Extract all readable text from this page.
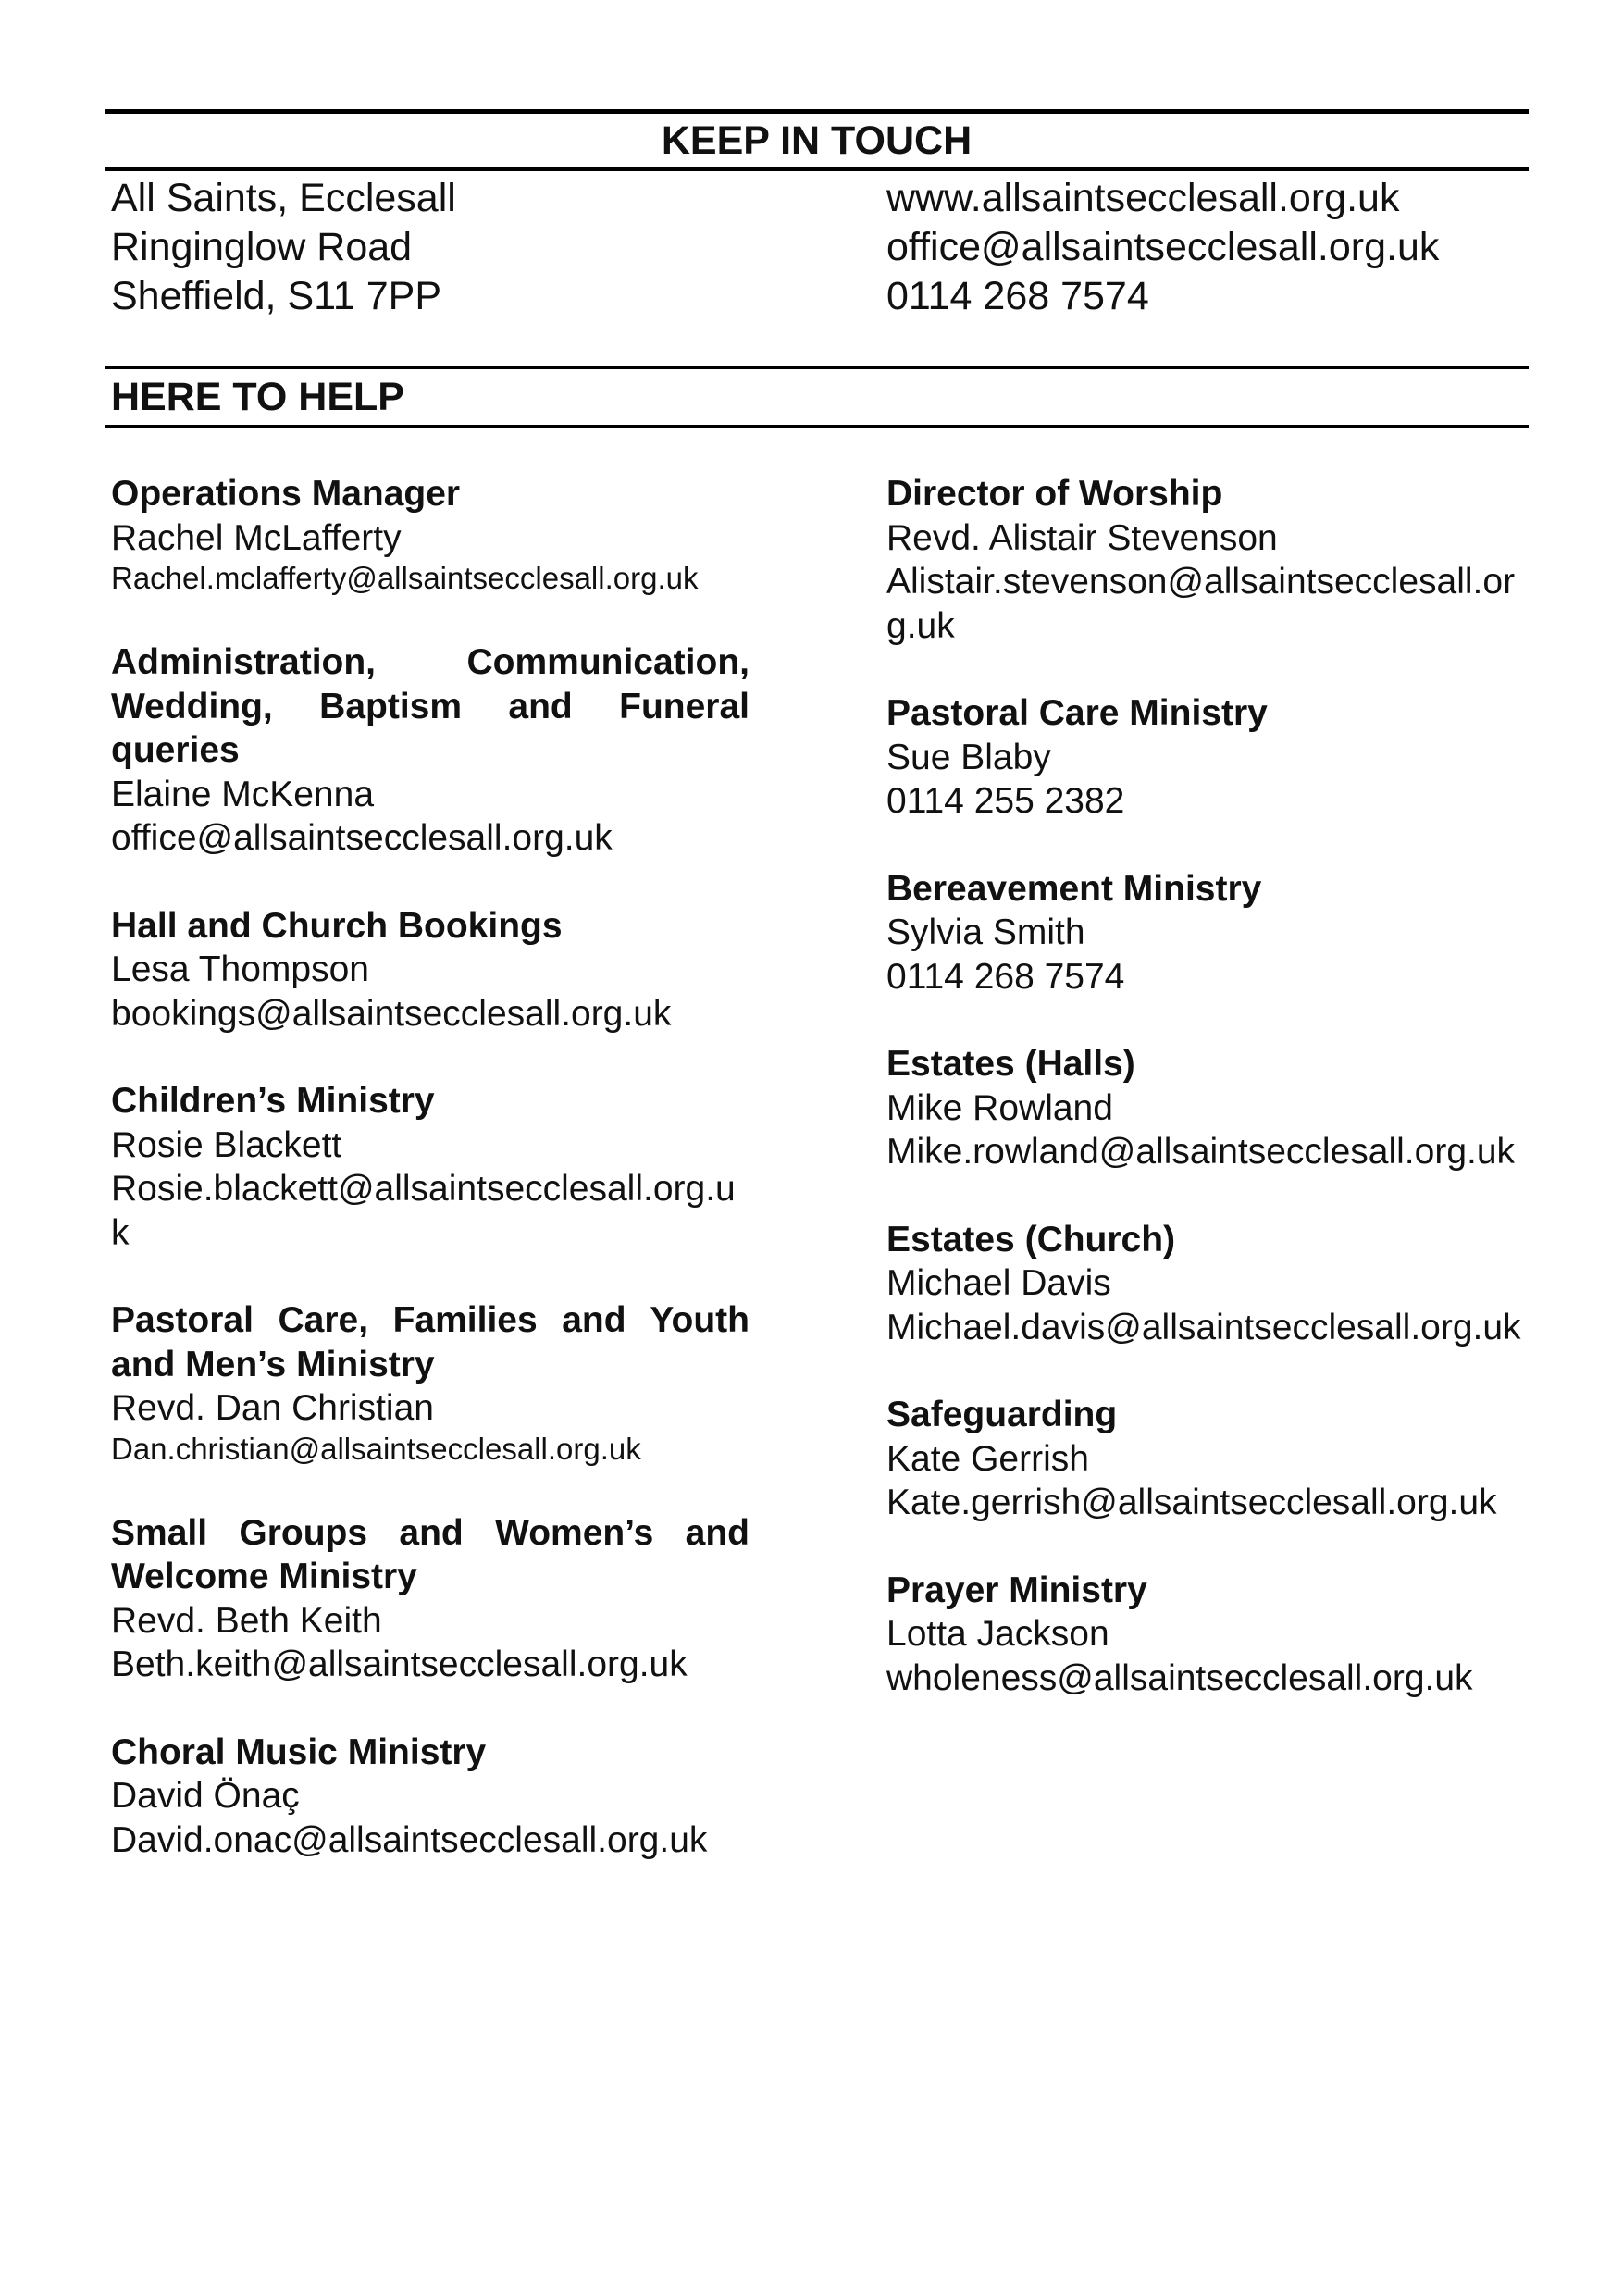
KEEP IN TOUCH
All Saints, Ecclesall
Ringinglow Road
Sheffield, S11 7PP
www.allsaintsecclesall.org.uk
office@allsaintsecclesall.org.uk
0114 268 7574
HERE TO HELP
Operations Manager
Rachel McLafferty
Rachel.mclafferty@allsaintsecclesall.org.uk
Administration, Communication, Wedding, Baptism and Funeral queries
Elaine McKenna
office@allsaintsecclesall.org.uk
Hall and Church Bookings
Lesa Thompson
bookings@allsaintsecclesall.org.uk
Children’s Ministry
Rosie Blackett
Rosie.blackett@allsaintsecclesall.org.uk
Pastoral Care, Families and Youth and Men’s Ministry
Revd. Dan Christian
Dan.christian@allsaintsecclesall.org.uk
Small Groups and Women’s and Welcome Ministry
Revd. Beth Keith
Beth.keith@allsaintsecclesall.org.uk
Choral Music Ministry
David Önaç
David.onac@allsaintsecclesall.org.uk
Director of Worship
Revd. Alistair Stevenson
Alistair.stevenson@allsaintsecclesall.org.uk
Pastoral Care Ministry
Sue Blaby
0114 255 2382
Bereavement Ministry
Sylvia Smith
0114 268 7574
Estates (Halls)
Mike Rowland
Mike.rowland@allsaintsecclesall.org.uk
Estates (Church)
Michael Davis
Michael.davis@allsaintsecclesall.org.uk
Safeguarding
Kate Gerrish
Kate.gerrish@allsaintsecclesall.org.uk
Prayer Ministry
Lotta Jackson
wholeness@allsaintsecclesall.org.uk
